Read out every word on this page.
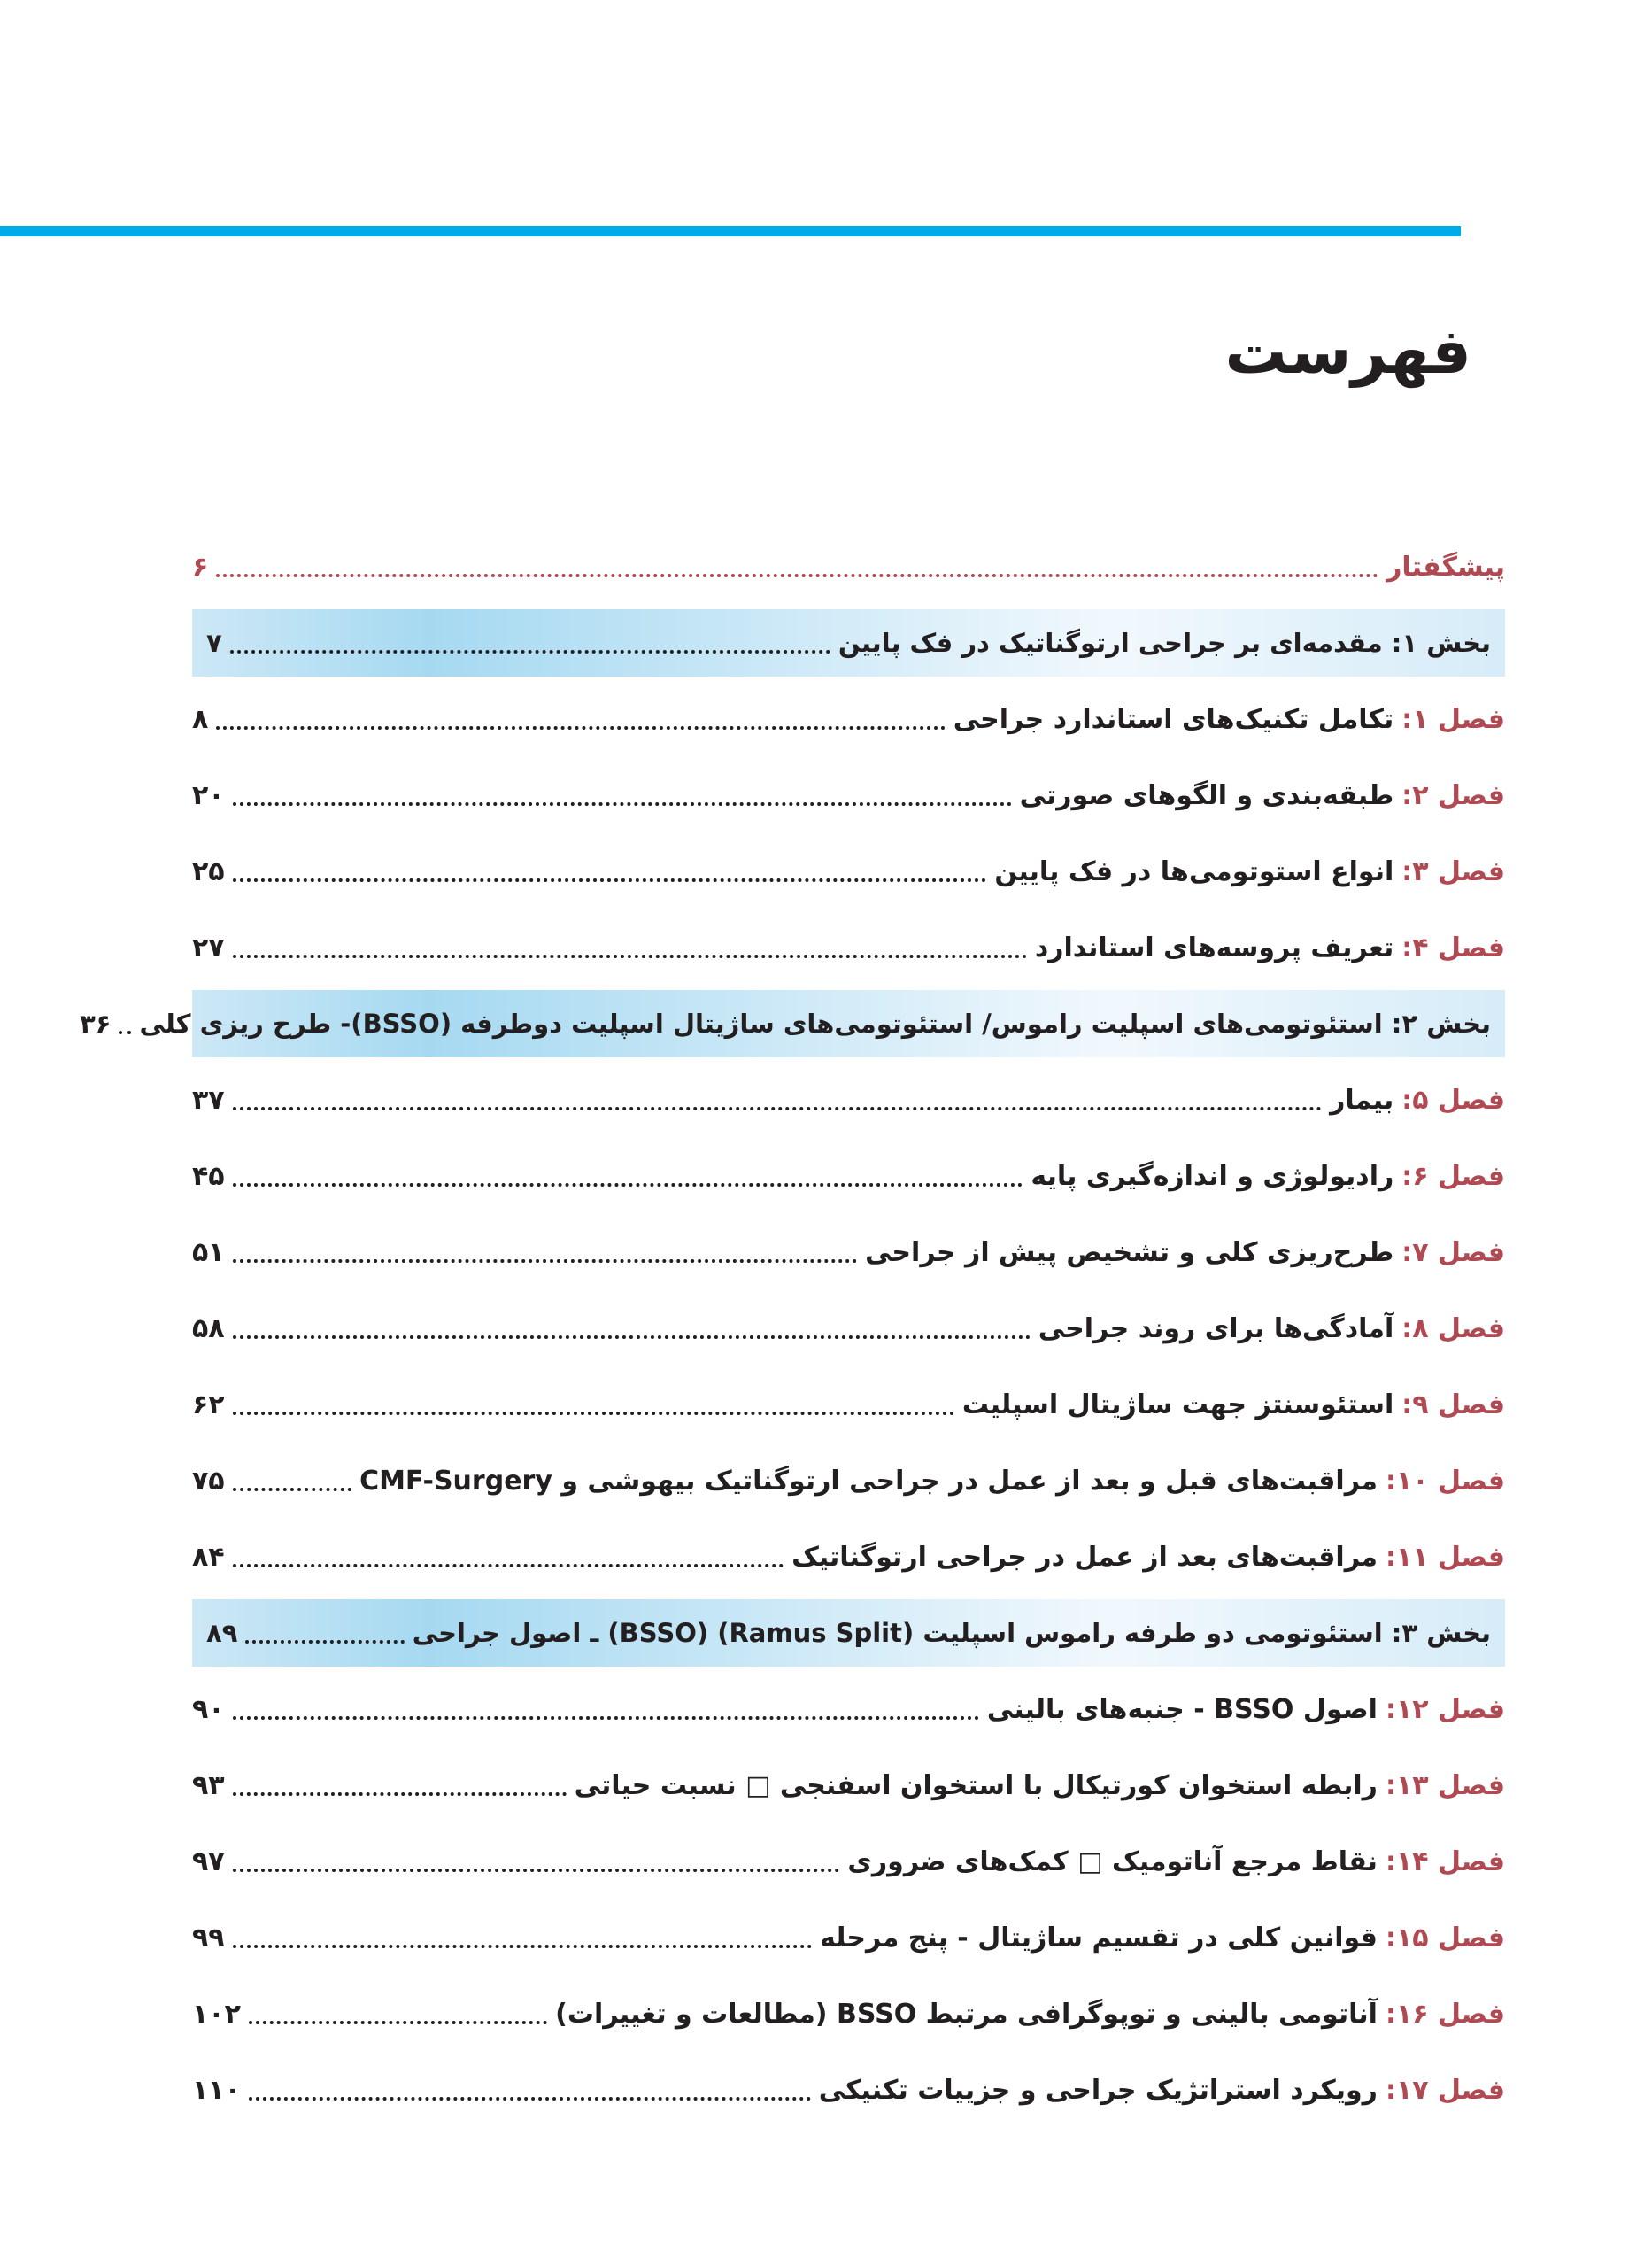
فهرست
پیشگفتار
۶
بخش ۱: مقدمه‌ای بر جراحی ارتوگناتیک در فک پایین
۷
فصل ۱:
تکامل تکنیک‌های استاندارد جراحی
۸
فصل ۲:
طبقه‌بندی و الگوهای صورتی
۲۰
فصل ۳:
انواع استوتومی‌ها در فک پایین
۲۵
فصل ۴:
تعریف پروسه‌های استاندارد
۲۷
بخش ۲: استئوتومی‌های اسپلیت راموس/ استئوتومی‌های ساژیتال اسپلیت دوطرفه (BSSO)- طرح ریزی کلی
۳۶
فصل ۵:
بیمار
۳۷
فصل ۶:
رادیولوژی و اندازه‌گیری پایه
۴۵
فصل ۷:
طرح‌ریزی کلی و تشخیص پیش از جراحی
۵۱
فصل ۸:
آمادگی‌ها برای روند جراحی
۵۸
فصل ۹:
استئوسنتز جهت ساژیتال اسپلیت
۶۲
فصل ۱۰:
مراقبت‌های قبل و بعد از عمل در جراحی ارتوگناتیک بیهوشی و CMF-Surgery
۷۵
فصل ۱۱:
مراقبت‌های بعد از عمل در جراحی ارتوگناتیک
۸۴
بخش ۳: استئوتومی دو طرفه راموس اسپلیت (Ramus Split) (BSSO) ـ اصول جراحی
۸۹
فصل ۱۲:
اصول BSSO - جنبه‌های بالینی
۹۰
فصل ۱۳:
رابطه استخوان کورتیکال با استخوان اسفنجی □ نسبت حیاتی
۹۳
فصل ۱۴:
نقاط مرجع آناتومیک □ کمک‌های ضروری
۹۷
فصل ۱۵:
قوانین کلی در تقسیم ساژیتال - پنج مرحله
۹۹
فصل ۱۶:
آناتومی بالینی و توپوگرافی مرتبط BSSO (مطالعات و تغییرات)
۱۰۲
فصل ۱۷:
رویکرد استراتژیک جراحی و جزییات تکنیکی
۱۱۰
